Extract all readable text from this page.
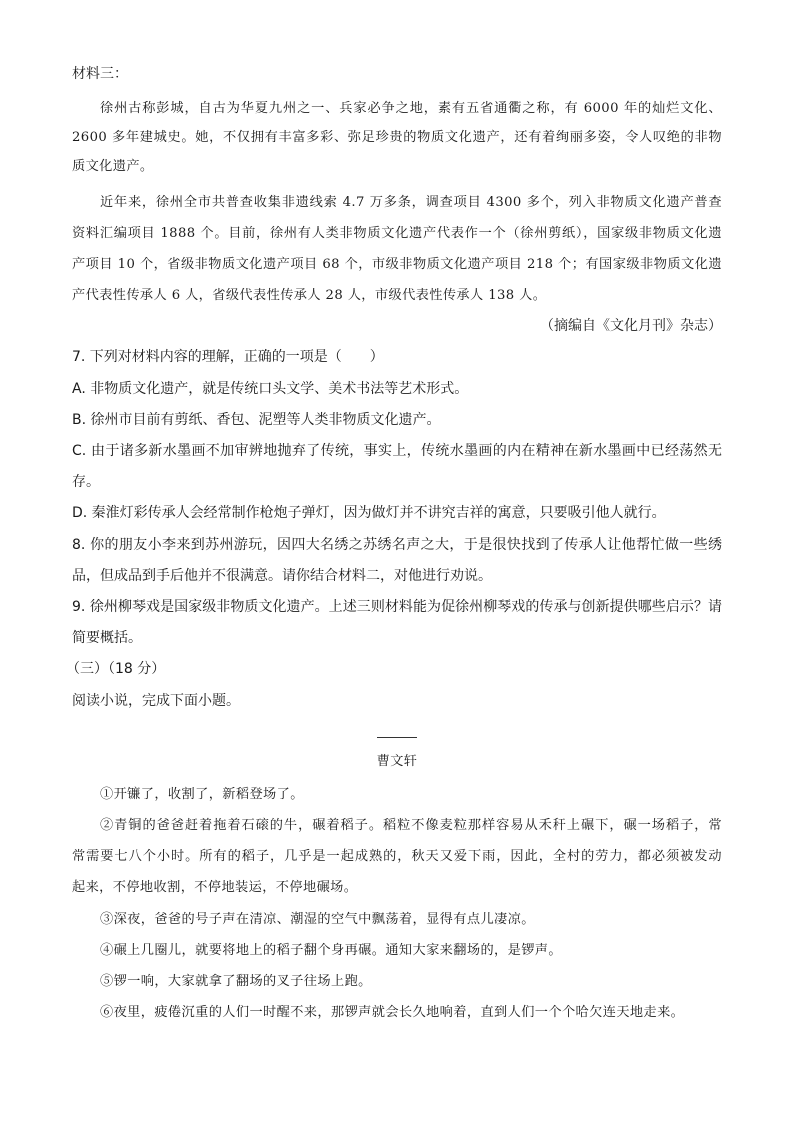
材料三：
徐州古称彭城，自古为华夏九州之一、兵家必争之地，素有五省通衢之称，有 6000 年的灿烂文化、
2600 多年建城史。她，不仅拥有丰富多彩、弥足珍贵的物质文化遗产，还有着绚丽多姿，令人叹绝的非物
质文化遗产。
近年来，徐州全市共普查收集非遗线索 4.7 万多条，调查项目 4300 多个，列入非物质文化遗产普查
资料汇编项目 1888 个。目前，徐州有人类非物质文化遗产代表作一个（徐州剪纸），国家级非物质文化遗
产项目 10 个，省级非物质文化遗产项目 68 个，市级非物质文化遗产项目 218 个；有国家级非物质文化遗
产代表性传承人 6 人，省级代表性传承人 28 人，市级代表性传承人 138 人。
（摘编自《文化月刊》杂志）
7. 下列对材料内容的理解，正确的一项是（　　）
A. 非物质文化遗产，就是传统口头文学、美术书法等艺术形式。
B. 徐州市目前有剪纸、香包、泥塑等人类非物质文化遗产。
C. 由于诸多新水墨画不加审辨地抛弃了传统，事实上，传统水墨画的内在精神在新水墨画中已经荡然无
存。
D. 秦淮灯彩传承人会经常制作枪炮子弹灯，因为做灯并不讲究吉祥的寓意，只要吸引他人就行。
8. 你的朋友小李来到苏州游玩，因四大名绣之苏绣名声之大，于是很快找到了传承人让他帮忙做一些绣
品，但成品到手后他并不很满意。请你结合材料二，对他进行劝说。
9. 徐州柳琴戏是国家级非物质文化遗产。上述三则材料能为促徐州柳琴戏的传承与创新提供哪些启示？请
简要概括。
（三）（18 分）
阅读小说，完成下面小题。
曹文轩
①开镰了，收割了，新稻登场了。
②青铜的爸爸赶着拖着石磙的牛，碾着稻子。稻粒不像麦粒那样容易从禾秆上碾下，碾一场稻子，常
常需要七八个小时。所有的稻子，几乎是一起成熟的，秋天又爱下雨，因此，全村的劳力，都必须被发动
起来，不停地收割，不停地装运，不停地碾场。
③深夜，爸爸的号子声在清凉、潮湿的空气中飘荡着，显得有点儿凄凉。
④碾上几圈儿，就要将地上的稻子翻个身再碾。通知大家来翻场的，是锣声。
⑤锣一响，大家就拿了翻场的叉子往场上跑。
⑥夜里，疲倦沉重的人们一时醒不来，那锣声就会长久地响着，直到人们一个个哈欠连天地走来。
